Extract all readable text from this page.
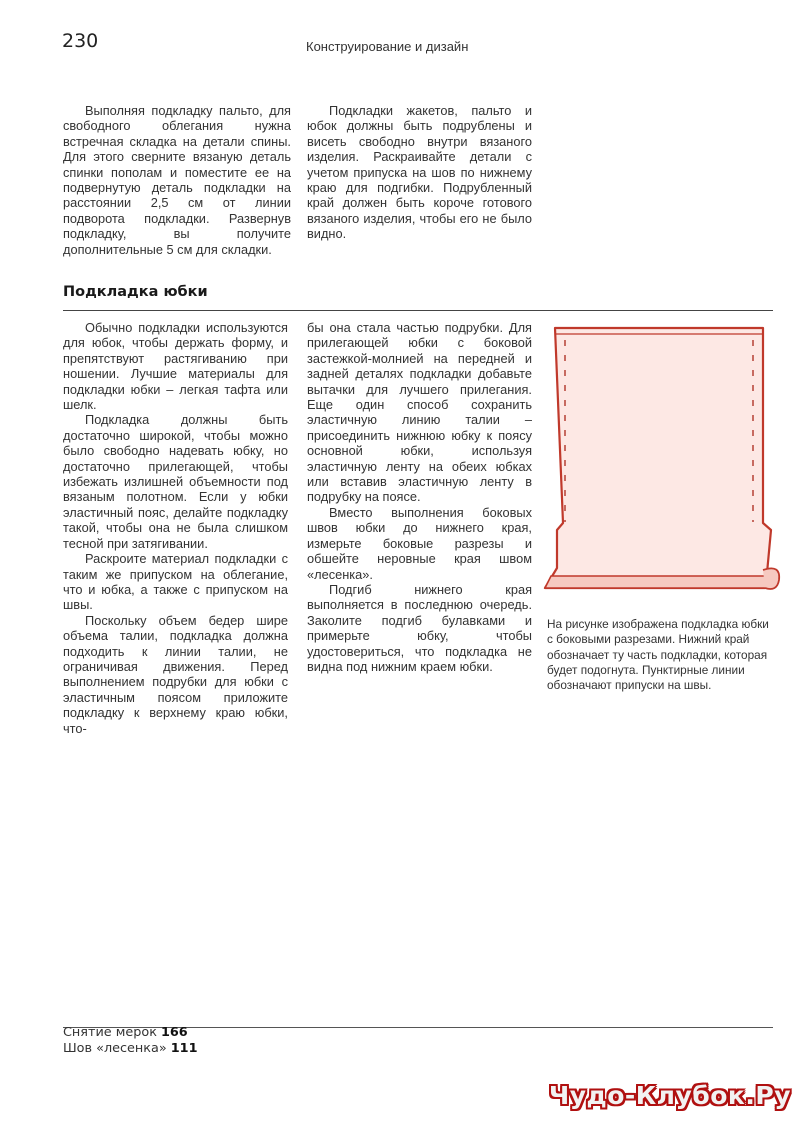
230	Конструирование и дизайн

Выполняя подкладку пальто, для свободного облегания нужна встречная складка на детали спины. Для этого сверните вязаную деталь спинки пополам и поместите ее на подвернутую деталь подкладки на расстоянии 2,5 см от линии подворота подкладки. Развернув подкладку, вы получите дополнительные 5 см для складки.

Подкладки жакетов, пальто и юбок должны быть подрублены и висеть свободно внутри вязаного изделия. Раскраивайте детали с учетом припуска на шов по нижнему краю для подгибки. Подрубленный край должен быть короче готового вязаного изделия, чтобы его не было видно.

Подкладка юбки

Обычно подкладки используются для юбок, чтобы держать форму, и препятствуют растягиванию при ношении. Лучшие материалы для подкладки юбки – легкая тафта или шелк.

Подкладка должны быть достаточно широкой, чтобы можно было свободно надевать юбку, но достаточно прилегающей, чтобы избежать излишней объемности под вязаным полотном. Если у юбки эластичный пояс, делайте подкладку такой, чтобы она не была слишком тесной при затягивании.

Раскроите материал подкладки с таким же припуском на облегание, что и юбка, а также с припуском на швы.

Поскольку объем бедер шире объема талии, подкладка должна подходить к линии талии, не ограничивая движения. Перед выполнением подрубки для юбки с эластичным поясом приложите подкладку к верхнему краю юбки, что-

бы она стала частью подрубки. Для прилегающей юбки с боковой застежкой-молнией на передней и задней деталях подкладки добавьте вытачки для лучшего прилегания. Еще один способ сохранить эластичную линию талии – присоединить нижнюю юбку к поясу основной юбки, используя эластичную ленту на обеих юбках или вставив эластичную ленту в подрубку на поясе.

Вместо выполнения боковых швов юбки до нижнего края, измерьте боковые разрезы и обшейте неровные края швом «лесенка».

Подгиб нижнего края выполняется в последнюю очередь. Заколите подгиб булавками и примерьте юбку, чтобы удостовериться, что подкладка не видна под нижним краем юбки.

На рисунке изображена подкладка юбки с боковыми разрезами. Нижний край обозначает ту часть подкладки, которая будет подогнута. Пунктирные линии обозначают припуски на швы.
Снятие мерок 166
Шов «лесенка» 111
Чудо-Клубок.Ру
